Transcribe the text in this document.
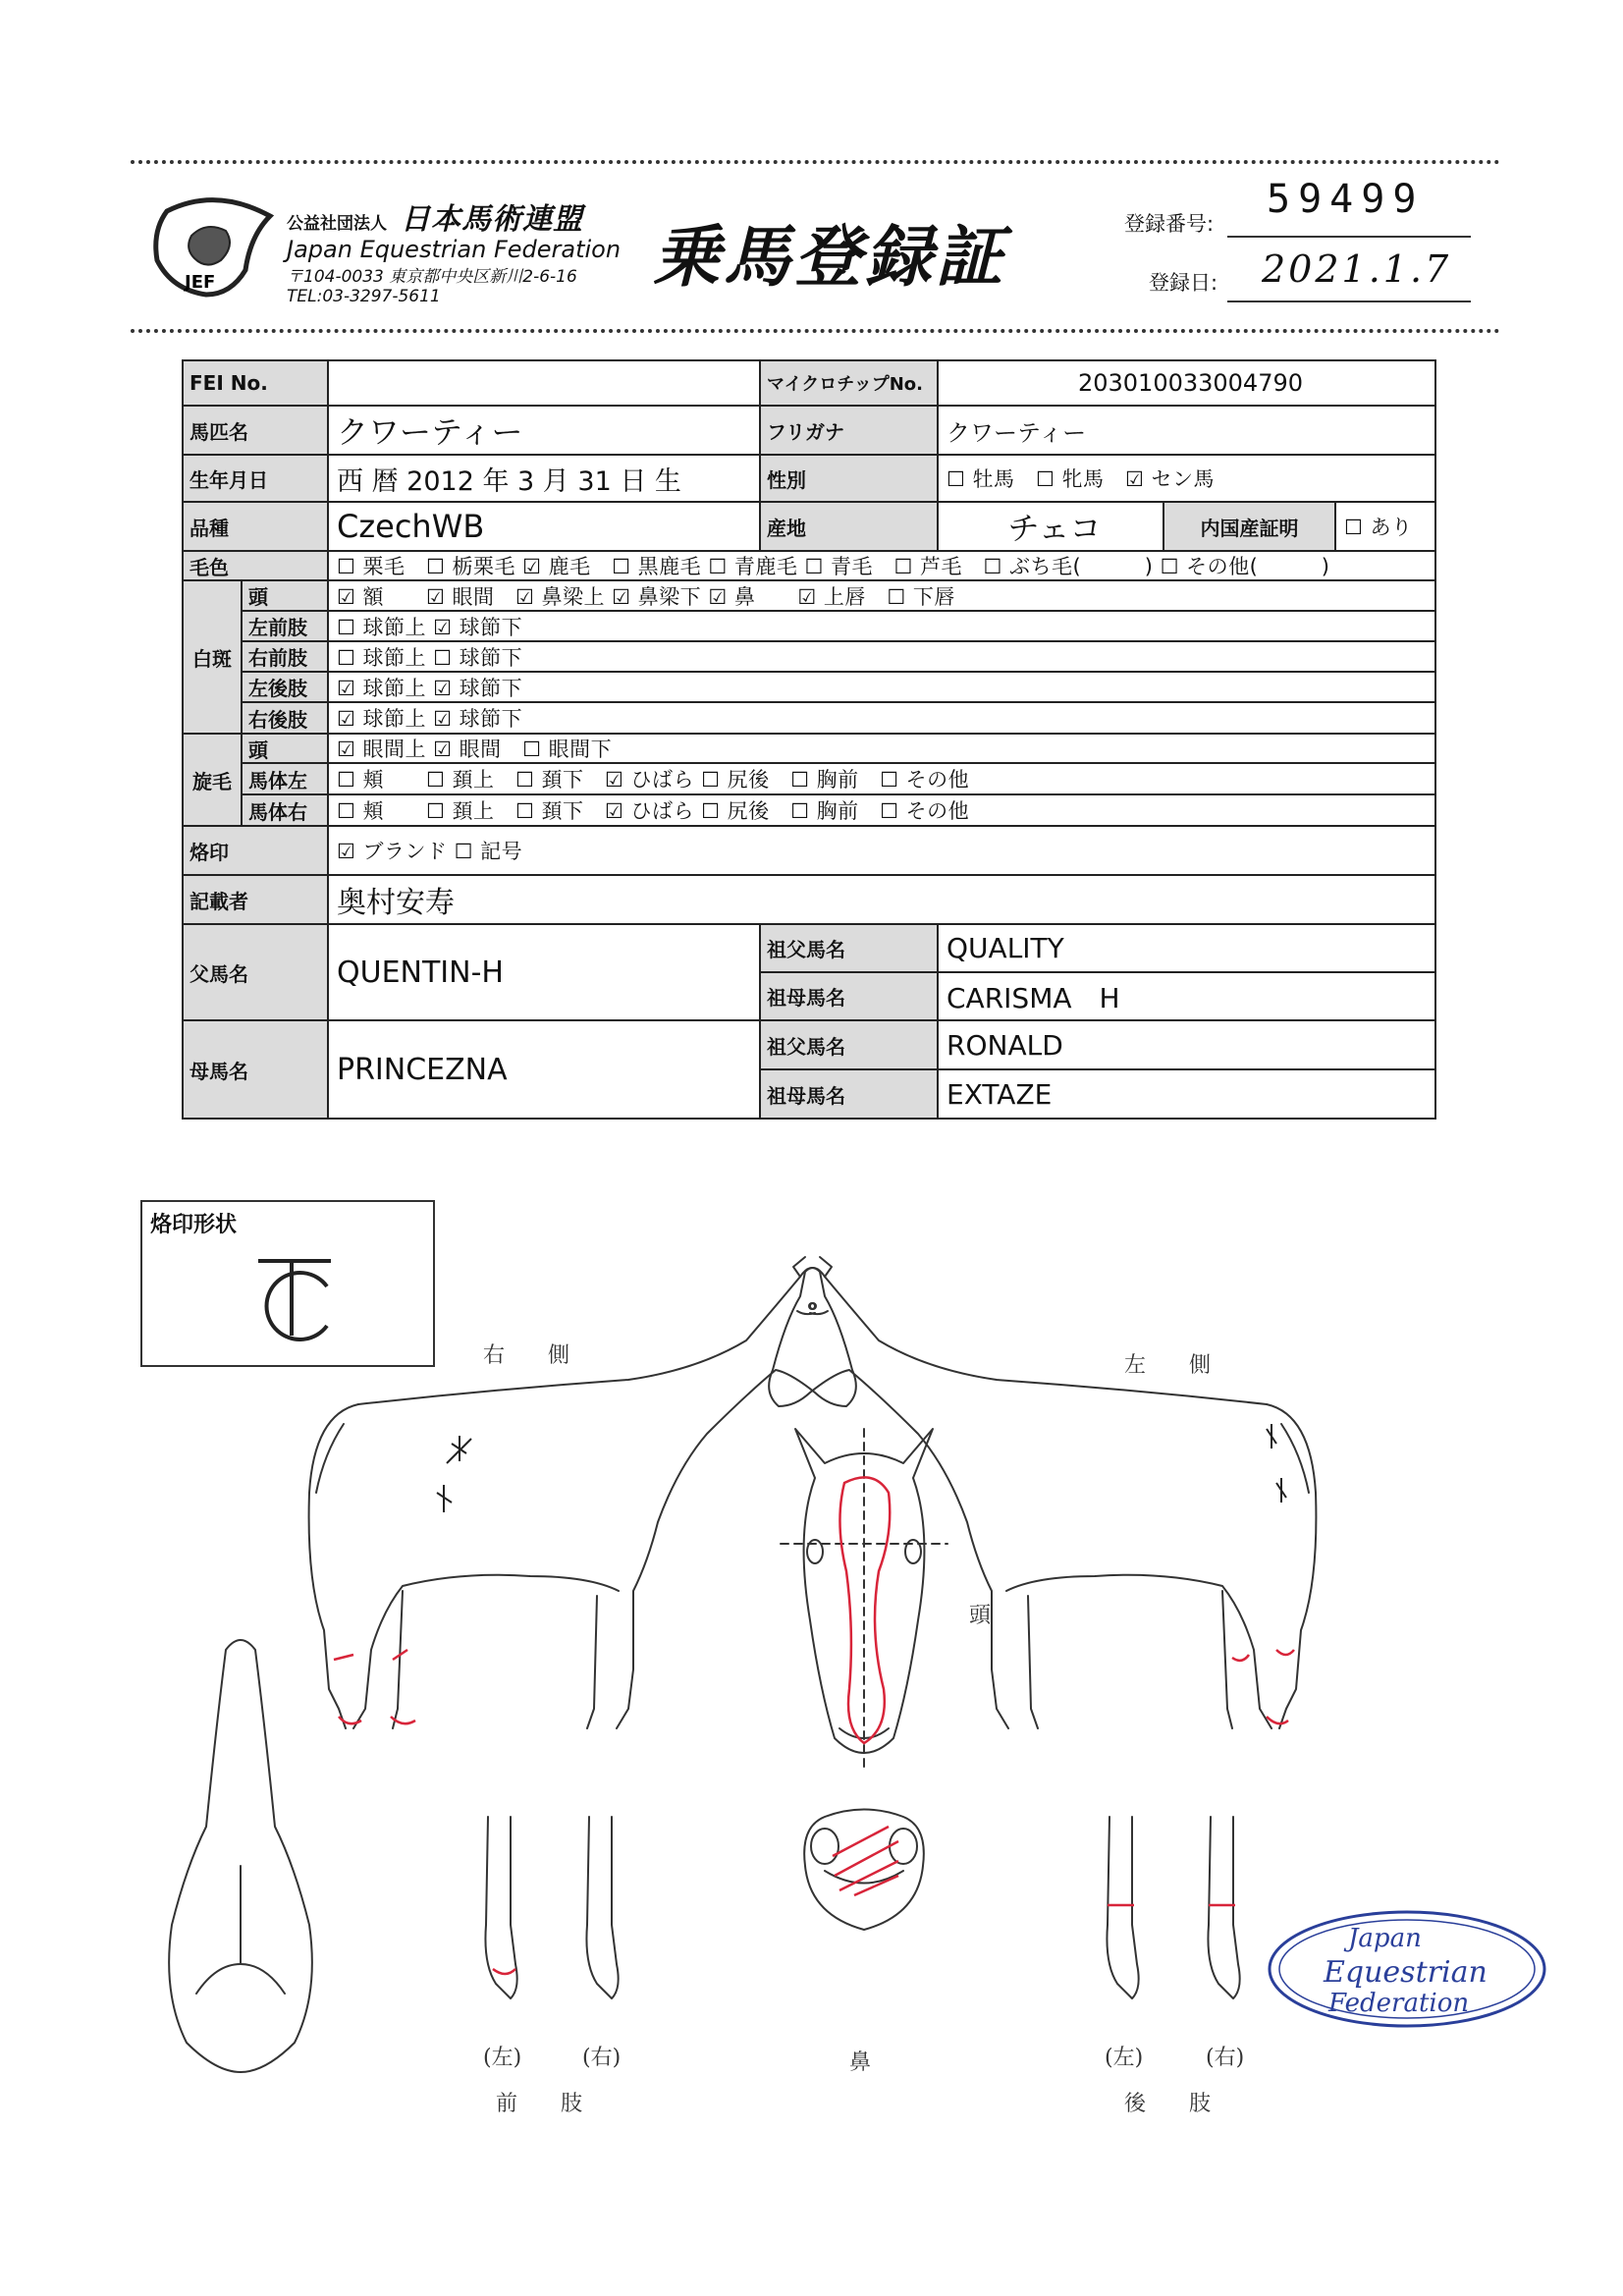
JEF
公益社団法人 日本馬術連盟
Japan Equestrian Federation
〒104-0033 東京都中央区新川2-6-16
TEL:03-3297-5611	乗馬登録証	登録番号:
59499
登録日: 2021.1.7
FEI No.	マイクロチップNo.	203010033004790
馬匹名	クワーティー	フリガナ	クワーティー
生年月日	西 暦 2012 年 3 月 31 日 生	性別	☐ 牡馬　☐ 牝馬　☑ セン馬
品種	CzechWB	産地	チェコ	内国産証明	☐ あり
毛色	☐ 栗毛　☐ 栃栗毛 ☑ 鹿毛　☐ 黒鹿毛 ☐ 青鹿毛 ☐ 青毛　☐ 芦毛　☐ ぶち毛(　　　) ☐ その他(　　　)
白斑
頭	☑ 額　　☑ 眼間　☑ 鼻梁上 ☑ 鼻梁下 ☑ 鼻　　☑ 上唇　☐ 下唇
左前肢	☐ 球節上 ☑ 球節下
右前肢	☐ 球節上 ☐ 球節下
左後肢	☑ 球節上 ☑ 球節下
右後肢	☑ 球節上 ☑ 球節下
旋毛
頭	☑ 眼間上 ☑ 眼間　☐ 眼間下
馬体左	☐ 頬　　☐ 頚上　☐ 頚下　☑ ひばら ☐ 尻後　☐ 胸前　☐ その他
馬体右	☐ 頬　　☐ 頚上　☐ 頚下　☑ ひばら ☐ 尻後　☐ 胸前　☐ その他
烙印	☑ ブランド ☐ 記号
記載者	奥村安寿
父馬名	QUENTIN-H
祖父馬名	QUALITY
祖母馬名	CARISMA　H
母馬名	PRINCEZNA
祖父馬名	RONALD
祖母馬名	EXTAZE
烙印形状
右　　側	左　　側
頭
鼻
(左)	(右)
前　　肢
(左)	(右)
後　　肢
Japan
Equestrian
Federation
